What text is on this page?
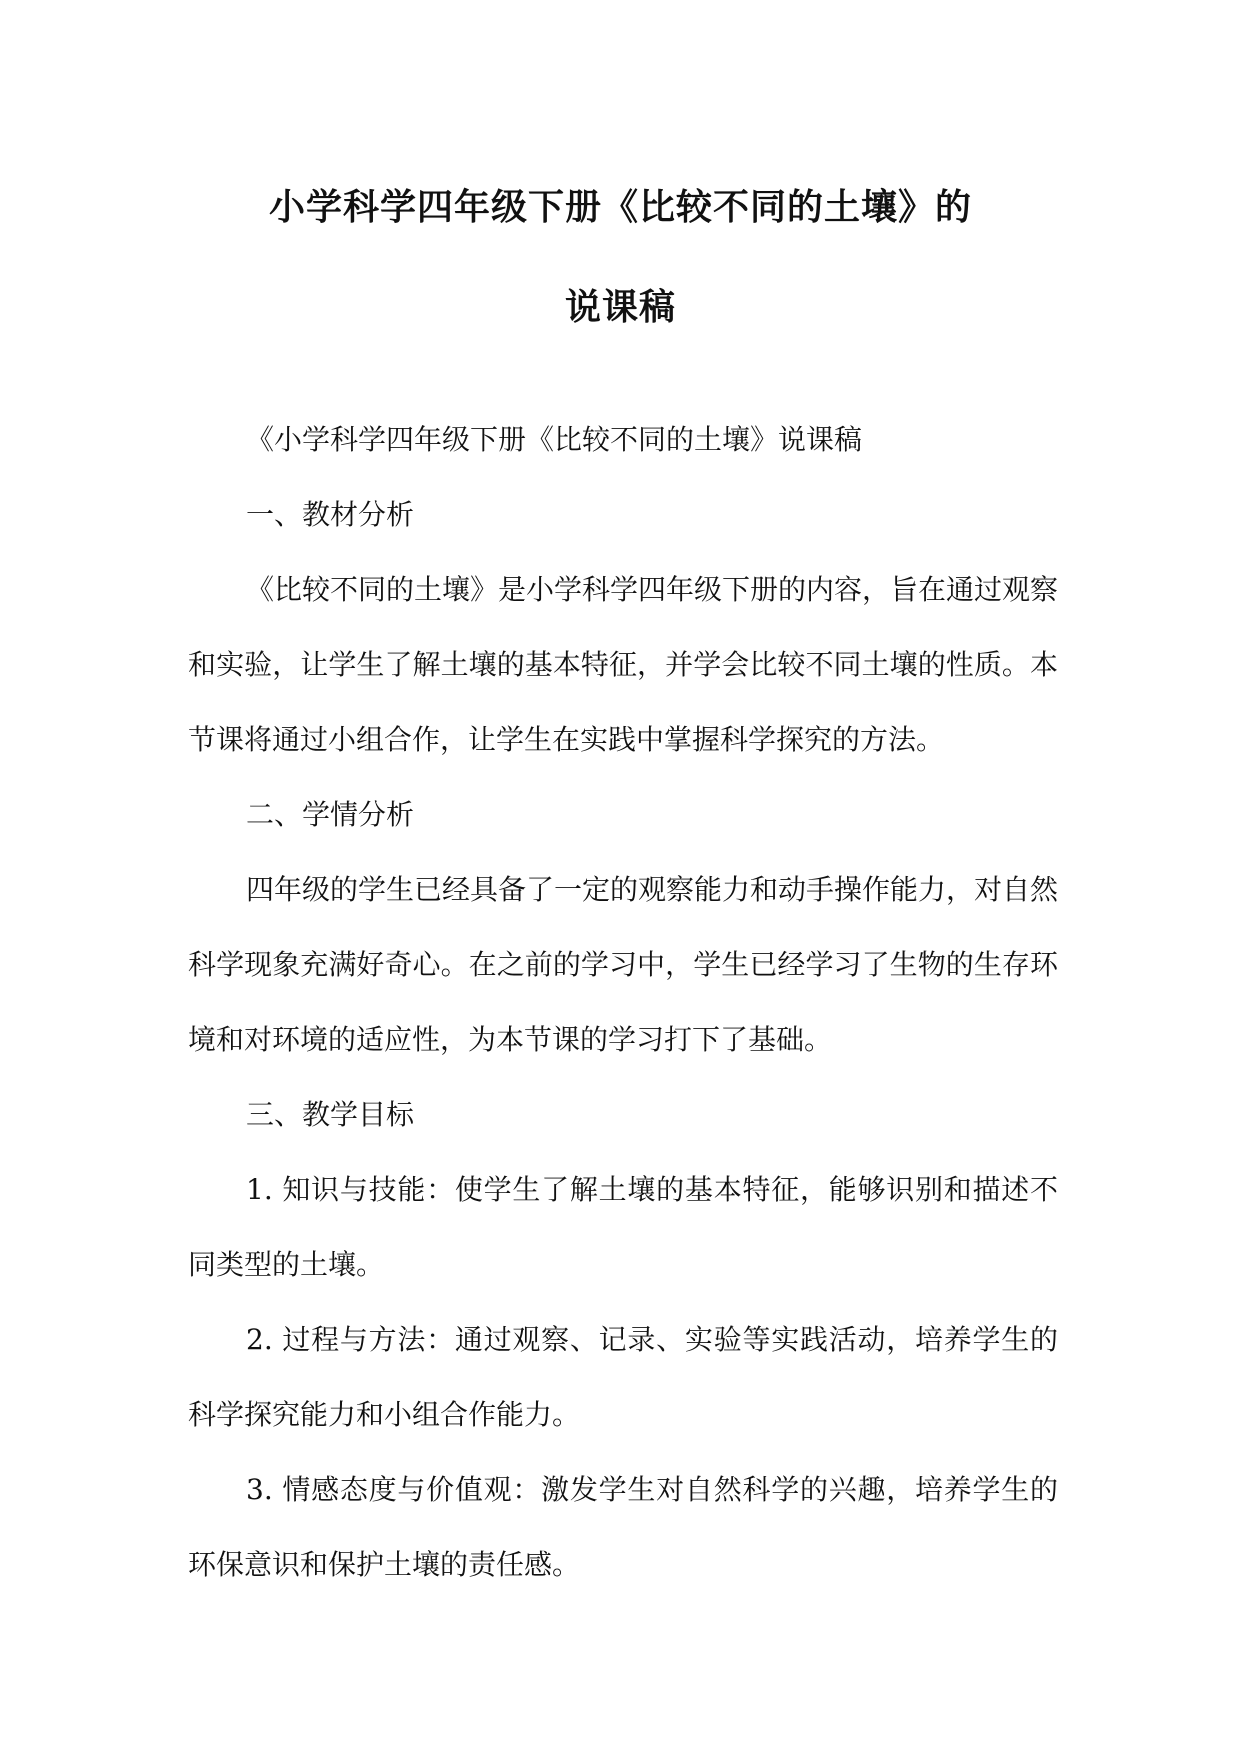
小学科学四年级下册《比较不同的土壤》的
说课稿

《小学科学四年级下册《比较不同的土壤》说课稿

一、教材分析

《比较不同的土壤》是小学科学四年级下册的内容，旨在通过观察和实验，让学生了解土壤的基本特征，并学会比较不同土壤的性质。本节课将通过小组合作，让学生在实践中掌握科学探究的方法。

二、学情分析

四年级的学生已经具备了一定的观察能力和动手操作能力，对自然科学现象充满好奇心。在之前的学习中，学生已经学习了生物的生存环境和对环境的适应性，为本节课的学习打下了基础。

三、教学目标

1. 知识与技能：使学生了解土壤的基本特征，能够识别和描述不同类型的土壤。

2. 过程与方法：通过观察、记录、实验等实践活动，培养学生的科学探究能力和小组合作能力。

3. 情感态度与价值观：激发学生对自然科学的兴趣，培养学生的环保意识和保护土壤的责任感。
